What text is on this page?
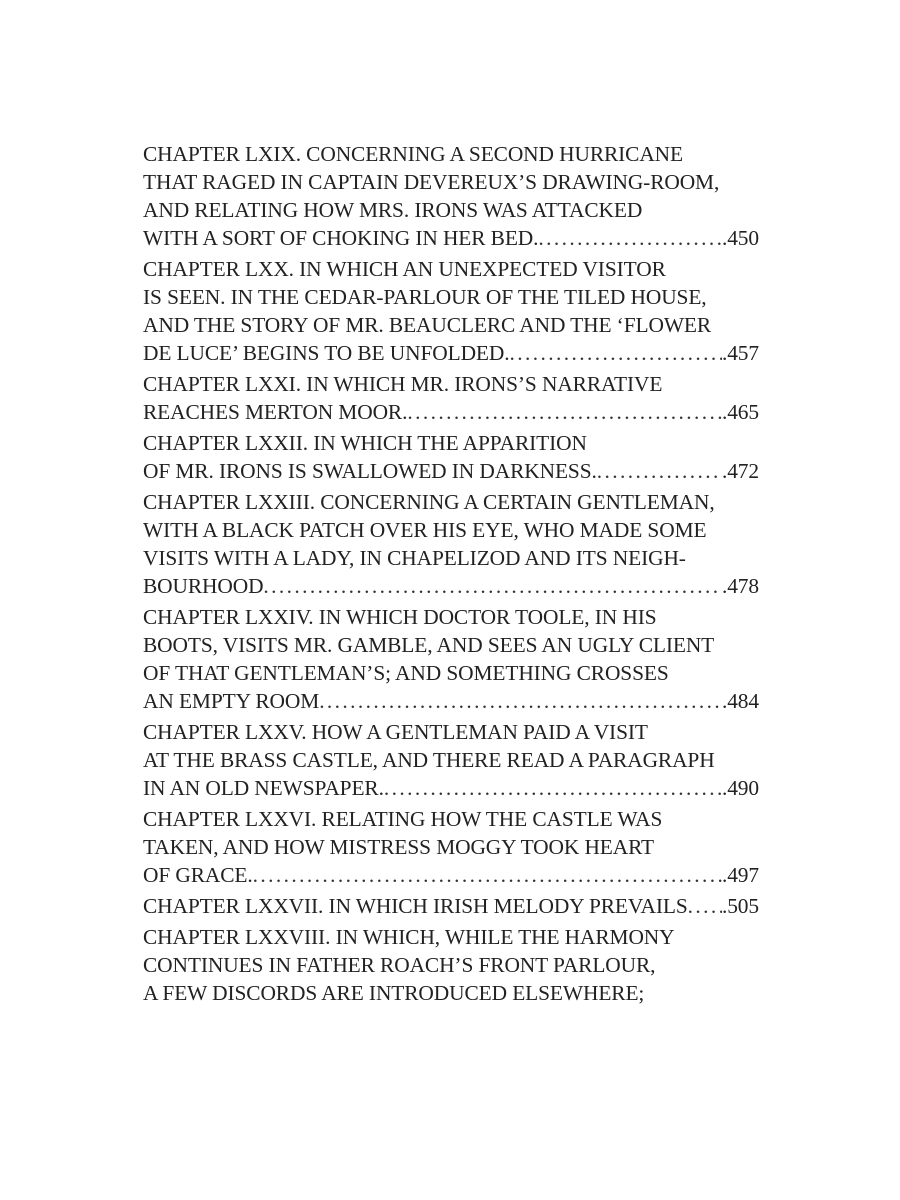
CHAPTER LXIX. CONCERNING A SECOND HURRICANE
THAT RAGED IN CAPTAIN DEVEREUX’S DRAWING-ROOM,
AND RELATING HOW MRS. IRONS WAS ATTACKED
WITH A SORT OF CHOKING IN HER BED. .....	.450
CHAPTER LXX. IN WHICH AN UNEXPECTED VISITOR
IS SEEN. IN THE CEDAR-PARLOUR OF THE TILED HOUSE,
AND THE STORY OF MR. BEAUCLERC AND THE ‘FLOWER
DE LUCE’ BEGINS TO BE UNFOLDED. .....	.457
CHAPTER LXXI. IN WHICH MR. IRONS’S NARRATIVE
REACHES MERTON MOOR. .....	.465
CHAPTER LXXII. IN WHICH THE APPARITION
OF MR. IRONS IS SWALLOWED IN DARKNESS. .....	.472
CHAPTER LXXIII. CONCERNING A CERTAIN GENTLEMAN,
WITH A BLACK PATCH OVER HIS EYE, WHO MADE SOME
VISITS WITH A LADY, IN CHAPELIZOD AND ITS NEIGH-
BOURHOOD .....	.478
CHAPTER LXXIV. IN WHICH DOCTOR TOOLE, IN HIS
BOOTS, VISITS MR. GAMBLE, AND SEES AN UGLY CLIENT
OF THAT GENTLEMAN’S; AND SOMETHING CROSSES
AN EMPTY ROOM .....	.484
CHAPTER LXXV. HOW A GENTLEMAN PAID A VISIT
AT THE BRASS CASTLE, AND THERE READ A PARAGRAPH
IN AN OLD NEWSPAPER. .....	.490
CHAPTER LXXVI. RELATING HOW THE CASTLE WAS
TAKEN, AND HOW MISTRESS MOGGY TOOK HEART
OF GRACE. .....	.497
CHAPTER LXXVII. IN WHICH IRISH MELODY PREVAILS ..... .505
CHAPTER LXXVIII. IN WHICH, WHILE THE HARMONY
CONTINUES IN FATHER ROACH’S FRONT PARLOUR,
A FEW DISCORDS ARE INTRODUCED ELSEWHERE;
